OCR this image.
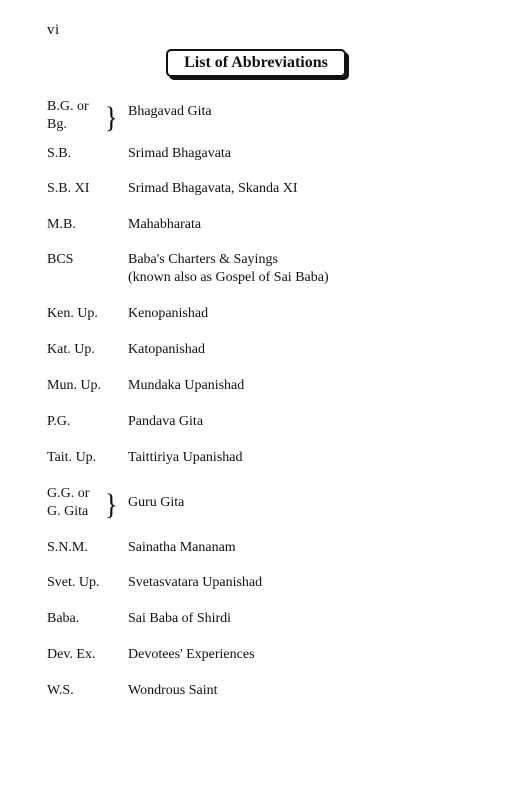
vi
List of Abbreviations
B.G. or
Bg.	} Bhagavad Gita
S.B.	Srimad Bhagavata
S.B. XI	Srimad Bhagavata, Skanda XI
M.B.	Mahabharata
BCS	Baba's Charters & Sayings
(known also as Gospel of Sai Baba)
Ken. Up. Kenopanishad
Kat. Up. Katopanishad
Mun. Up. Mundaka Upanishad
P.G.	Pandava Gita
Tait. Up. Taittiriya Upanishad
G.G. or
G. Gita } Guru Gita
S.N.M.	Sainatha Mananam
Svet. Up. Svetasvatara Upanishad
Baba.	Sai Baba of Shirdi
Dev. Ex. Devotees' Experiences
W.S.	Wondrous Saint
